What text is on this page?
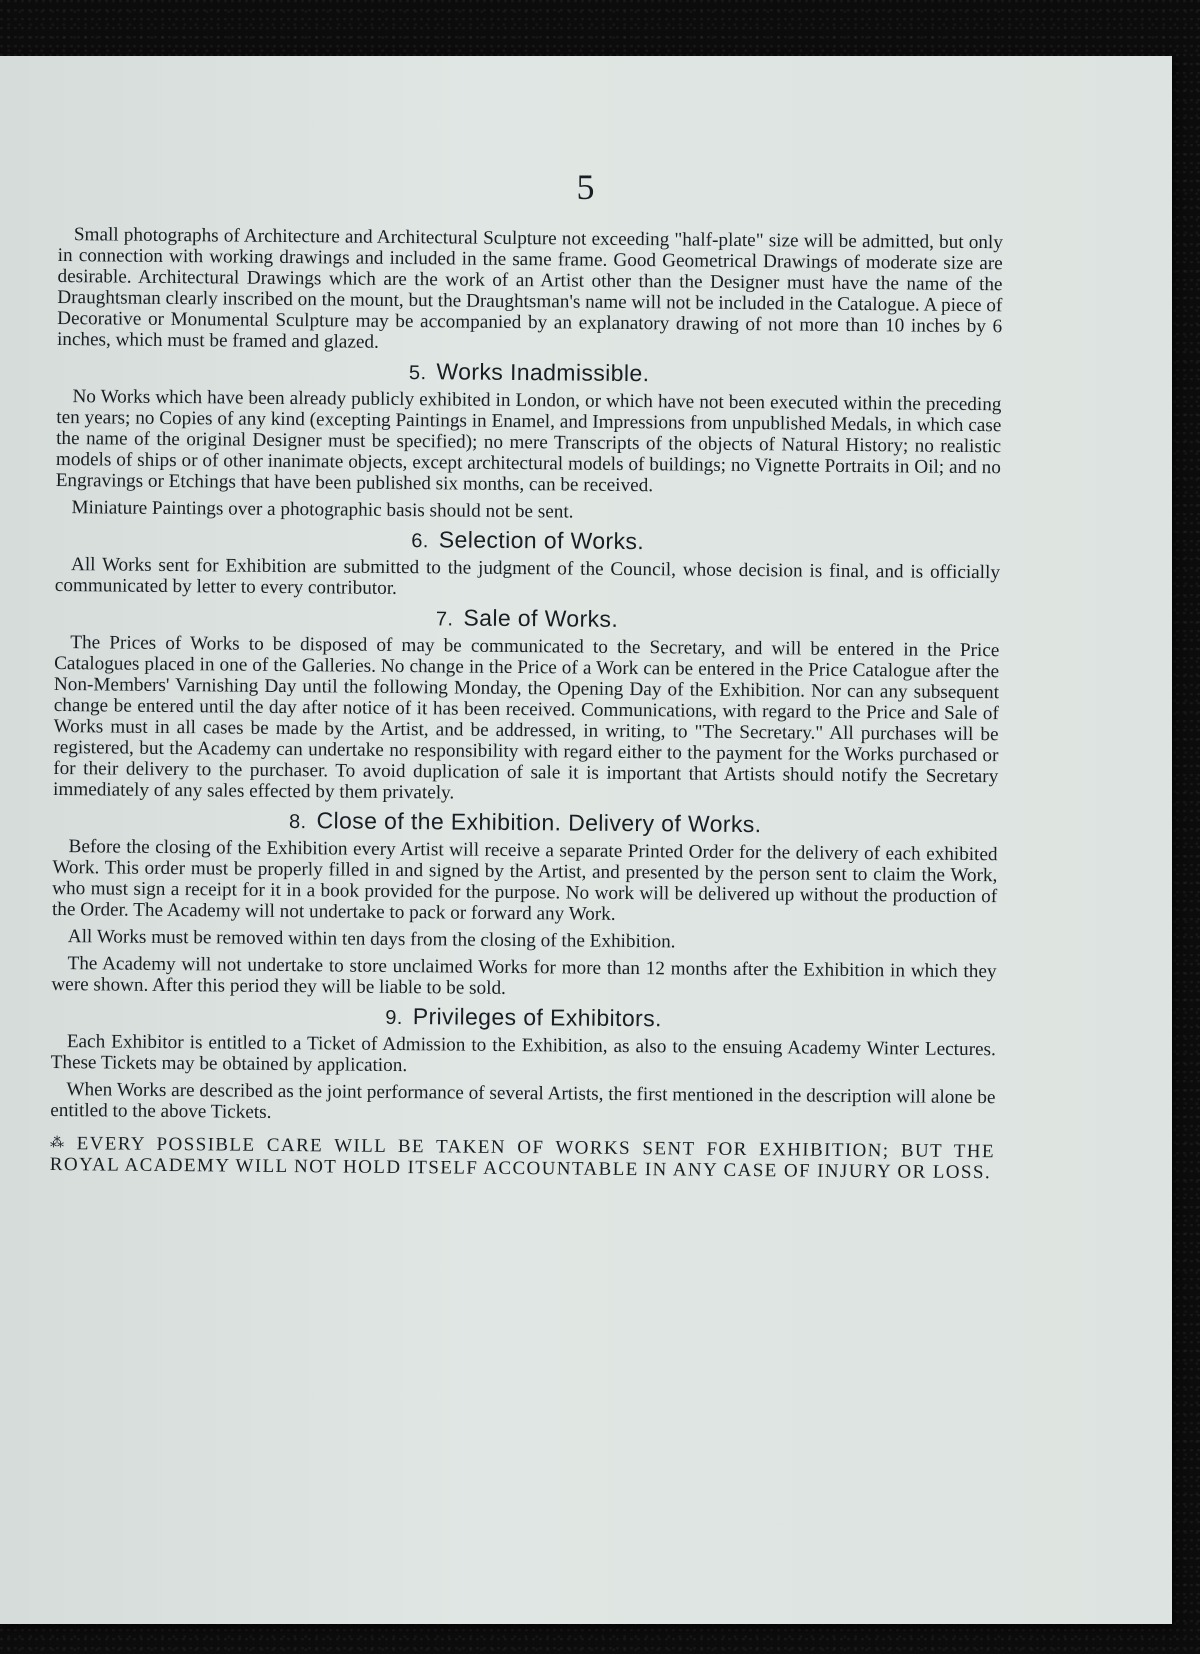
5

Small photographs of Architecture and Architectural Sculpture not exceeding "half-plate" size will be admitted, but only in connection with working drawings and included in the same frame. Good Geometrical Drawings of moderate size are desirable. Architectural Drawings which are the work of an Artist other than the Designer must have the name of the Draughtsman clearly inscribed on the mount, but the Draughtsman's name will not be included in the Catalogue. A piece of Decorative or Monumental Sculpture may be accompanied by an explanatory drawing of not more than 10 inches by 6 inches, which must be framed and glazed.

5. Works Inadmissible.

No Works which have been already publicly exhibited in London, or which have not been executed within the preceding ten years; no Copies of any kind (excepting Paintings in Enamel, and Impressions from unpublished Medals, in which case the name of the original Designer must be specified); no mere Transcripts of the objects of Natural History; no realistic models of ships or of other inanimate objects, except architectural models of buildings; no Vignette Portraits in Oil; and no Engravings or Etchings that have been published six months, can be received.

Miniature Paintings over a photographic basis should not be sent.

6. Selection of Works.

All Works sent for Exhibition are submitted to the judgment of the Council, whose decision is final, and is officially communicated by letter to every contributor.

7. Sale of Works.

The Prices of Works to be disposed of may be communicated to the Secretary, and will be entered in the Price Catalogues placed in one of the Galleries. No change in the Price of a Work can be entered in the Price Catalogue after the Non-Members' Varnishing Day until the following Monday, the Opening Day of the Exhibition. Nor can any subsequent change be entered until the day after notice of it has been received. Communications, with regard to the Price and Sale of Works must in all cases be made by the Artist, and be addressed, in writing, to "The Secretary." All purchases will be registered, but the Academy can undertake no responsibility with regard either to the payment for the Works purchased or for their delivery to the purchaser. To avoid duplication of sale it is important that Artists should notify the Secretary immediately of any sales effected by them privately.

8. Close of the Exhibition. Delivery of Works.

Before the closing of the Exhibition every Artist will receive a separate Printed Order for the delivery of each exhibited Work. This order must be properly filled in and signed by the Artist, and presented by the person sent to claim the Work, who must sign a receipt for it in a book provided for the purpose. No work will be delivered up without the production of the Order. The Academy will not undertake to pack or forward any Work.

All Works must be removed within ten days from the closing of the Exhibition.

The Academy will not undertake to store unclaimed Works for more than 12 months after the Exhibition in which they were shown. After this period they will be liable to be sold.

9. Privileges of Exhibitors.

Each Exhibitor is entitled to a Ticket of Admission to the Exhibition, as also to the ensuing Academy Winter Lectures. These Tickets may be obtained by application.

When Works are described as the joint performance of several Artists, the first mentioned in the description will alone be entitled to the above Tickets.

⁂ EVERY POSSIBLE CARE WILL BE TAKEN OF WORKS SENT FOR EXHIBITION; BUT THE ROYAL ACADEMY WILL NOT HOLD ITSELF ACCOUNTABLE IN ANY CASE OF INJURY OR LOSS.
